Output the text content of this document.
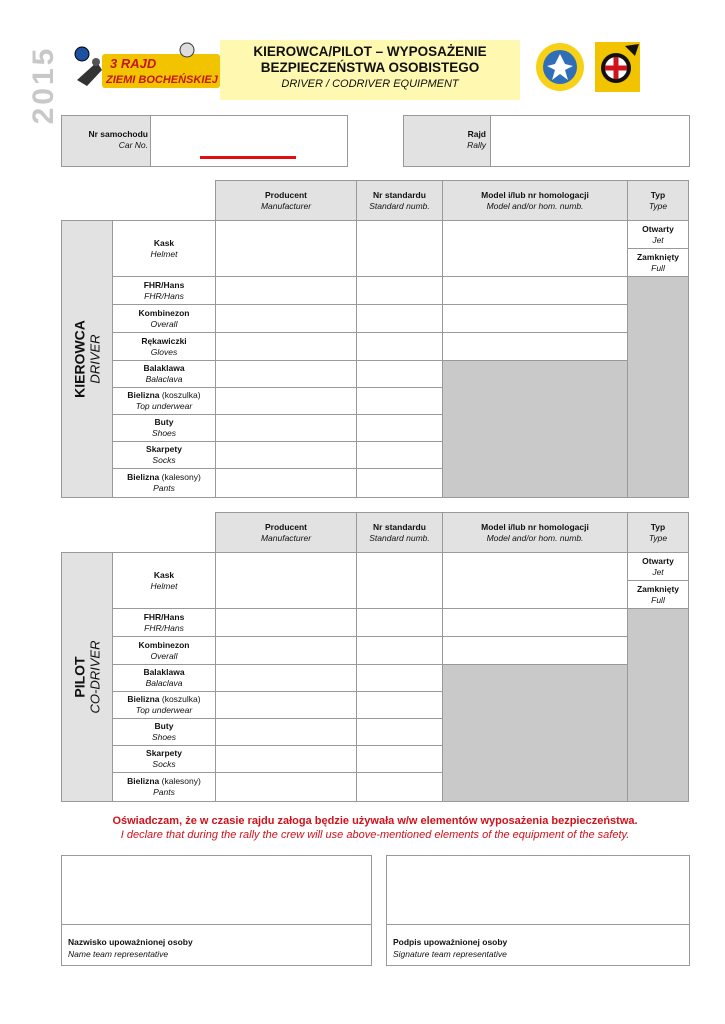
2015	3 RAJD
ZIEMI BOCHEŃSKIEJ
KIEROWCA/PILOT – WYPOSAŻENIE
BEZPIECZEŃSTWA OSOBISTEGO
DRIVER / CODRIVER EQUIPMENT
Nr samochodu
Car No.
Rajd
Rally
Producent
Manufacturer
Nr standardu
Standard numb.
Model i/lub nr homologacji
Model and/or hom. numb.
Typ
Type
KIEROWCA DRIVER
Kask
Helmet
Otwarty
Jet
Zamknięty
Full
FHR/Hans
FHR/Hans
Kombinezon
Overall
Rękawiczki
Gloves
Balaklawa
Balaclava
Bielizna (koszulka)
Top underwear
Buty
Shoes
Skarpety
Socks
Bielizna (kalesony)
Pants
Producent
Manufacturer
Nr standardu
Standard numb.
Model i/lub nr homologacji
Model and/or hom. numb.
Typ
Type
PILOT CO-DRIVER
Kask
Helmet
Otwarty
Jet
Zamknięty
Full
FHR/Hans
FHR/Hans
Kombinezon
Overall
Balaklawa
Balaclava
Bielizna (koszulka)
Top underwear
Buty
Shoes
Skarpety
Socks
Bielizna (kalesony)
Pants
Oświadczam, że w czasie rajdu załoga będzie używała w/w elementów wyposażenia bezpieczeństwa.
I declare that during the rally the crew will use above-mentioned elements of the equipment of the safety.
Nazwisko upoważnionej osoby
Name team representative
Podpis upoważnionej osoby
Signature team representative
